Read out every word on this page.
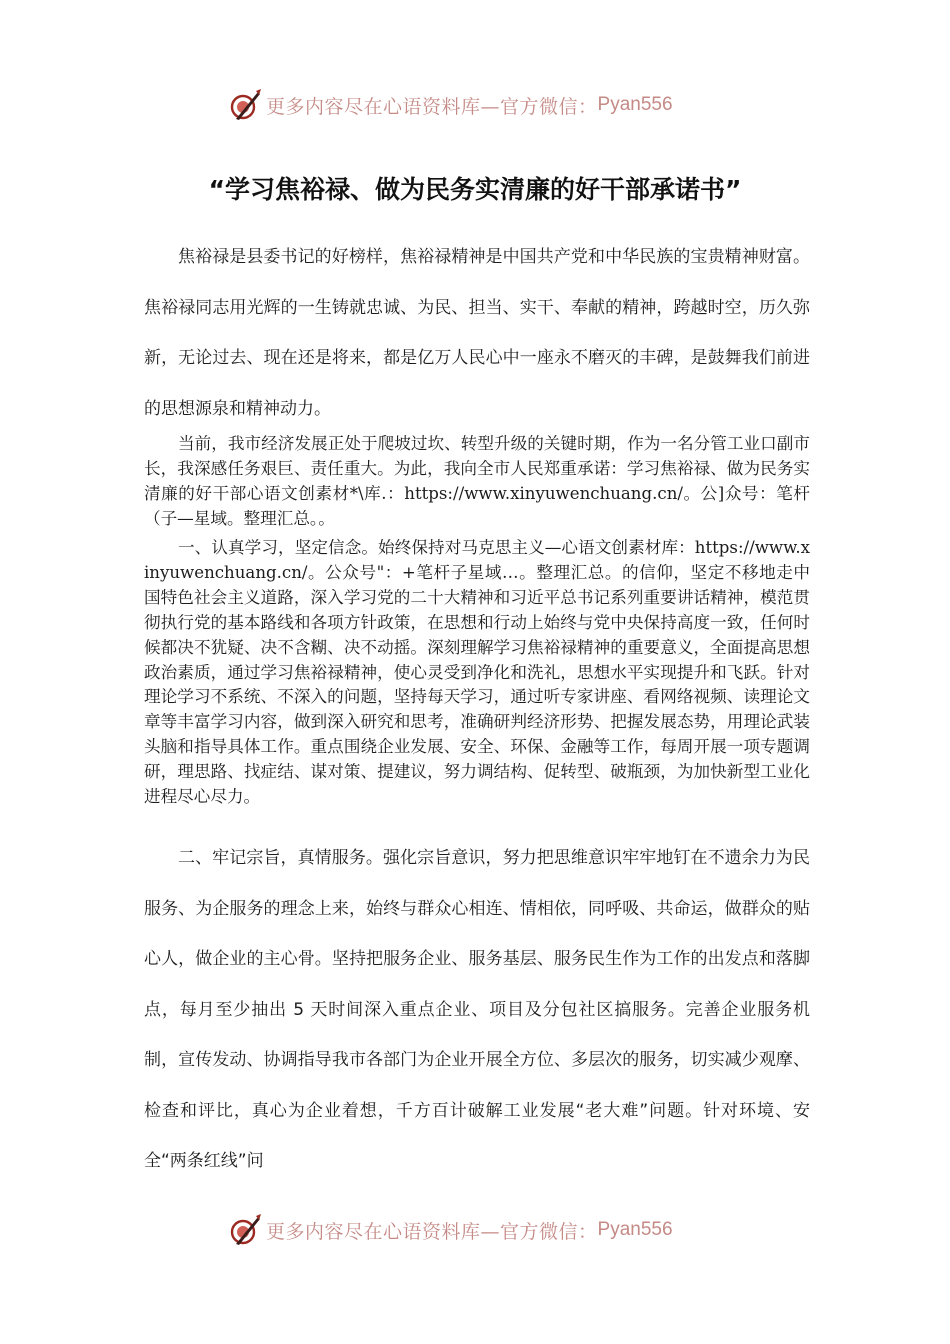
更多内容尽在心语资料库—官方微信： Pyan556
“学习焦裕禄、做为民务实清廉的好干部承诺书”

焦裕禄是县委书记的好榜样，焦裕禄精神是中国共产党和中华民族的宝贵精神财富。焦裕禄同志用光辉的一生铸就忠诚、为民、担当、实干、奉献的精神，跨越时空，历久弥新，无论过去、现在还是将来，都是亿万人民心中一座永不磨灭的丰碑，是鼓舞我们前进的思想源泉和精神动力。

当前，我市经济发展正处于爬坡过坎、转型升级的关键时期，作为一名分管工业口副市长，我深感任务艰巨、责任重大。为此，我向全市人民郑重承诺：学习焦裕禄、做为民务实清廉的好干部心语文创素材*\库.：https://www.xinyuwenchuang.cn/。公]众号：笔杆（子—星域。整理汇总。。

一、认真学习，坚定信念。始终保持对马克思主义—心语文创素材库：https://www.xinyuwenchuang.cn/。公众号"：+笔杆子星域…。整理汇总。的信仰，坚定不移地走中国特色社会主义道路，深入学习党的二十大精神和习近平总书记系列重要讲话精神，模范贯彻执行党的基本路线和各项方针政策，在思想和行动上始终与党中央保持高度一致，任何时候都决不犹疑、决不含糊、决不动摇。深刻理解学习焦裕禄精神的重要意义，全面提高思想政治素质，通过学习焦裕禄精神，使心灵受到净化和洗礼，思想水平实现提升和飞跃。针对理论学习不系统、不深入的问题，坚持每天学习，通过听专家讲座、看网络视频、读理论文章等丰富学习内容，做到深入研究和思考，准确研判经济形势、把握发展态势，用理论武装头脑和指导具体工作。重点围绕企业发展、安全、环保、金融等工作，每周开展一项专题调研，理思路、找症结、谋对策、提建议，努力调结构、促转型、破瓶颈，为加快新型工业化进程尽心尽力。

二、牢记宗旨，真情服务。强化宗旨意识，努力把思维意识牢牢地钉在不遗余力为民服务、为企服务的理念上来，始终与群众心相连、情相依，同呼吸、共命运，做群众的贴心人，做企业的主心骨。坚持把服务企业、服务基层、服务民生作为工作的出发点和落脚点，每月至少抽出 5 天时间深入重点企业、项目及分包社区搞服务。完善企业服务机制，宣传发动、协调指导我市各部门为企业开展全方位、多层次的服务，切实减少观摩、检查和评比，真心为企业着想，千方百计破解工业发展“老大难”问题。针对环境、安全“两条红线”问

更多内容尽在心语资料库—官方微信： Pyan556
